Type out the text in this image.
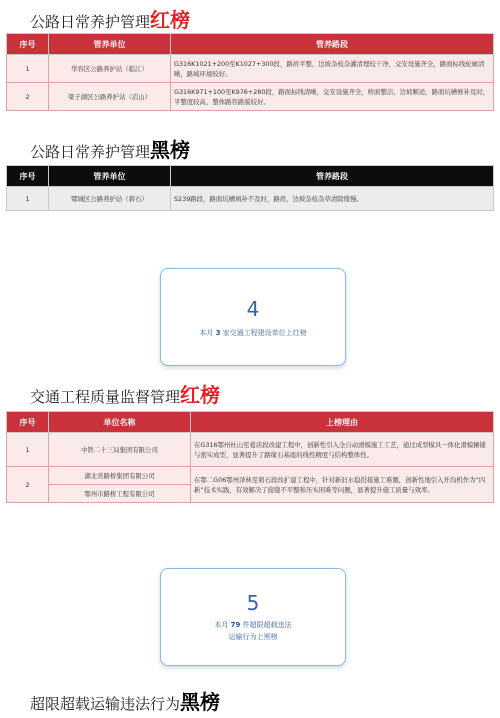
公路日常养护管理红榜
序号	管养单位	管养路段
1	华容区公路养护站（临江）	G316K1021+200至K1027+300段，路肩平整，边坡杂枝杂灌清理较干净，交安设施齐全，路面标线轮廓清晰，路域环境较好。
2	梁子湖区公路养护站（沼山）	G316K971+100至K976+280段，路面标线清晰，交安设施齐全，桥面整洁，边坡顺适，路面坑槽修补及时，平整度较高，整体路容路貌较好。
公路日常养护管理黑榜
序号	管养单位	管养路段
1	鄂城区公路养护站（碧石）	S239路段，路面坑槽填补不及时，路肩、边坡杂枝杂草清除缓慢。
4
本月 3 家交通工程建设单位上红榜
交通工程质量监督管理红榜
序号	单位名称	上榜理由
1	中铁二十三局集团有限公司	在G316鄂州杜山至葛店段改建工程中，创新性引入全自动滑模施工工艺，通过成型模具一体化滑模摊铺与密实成型，显著提升了路缘石基座的线性精度与结构整体性。
2	湖北省路桥集团有限公司	在鄂二G06鄂州泽林至碧石段改扩建工程中，针对新旧水稳搭接施工难题，创新性地引入开沟机作为“四新”技术实践，有效解决了接缝不平整和压实困难等问题，显著提升施工质量与效率。
	鄂州市路桥工程有限公司	
5
本月 79 件超限超载违法
运输行为上黑榜
超限超载运输违法行为黑榜
